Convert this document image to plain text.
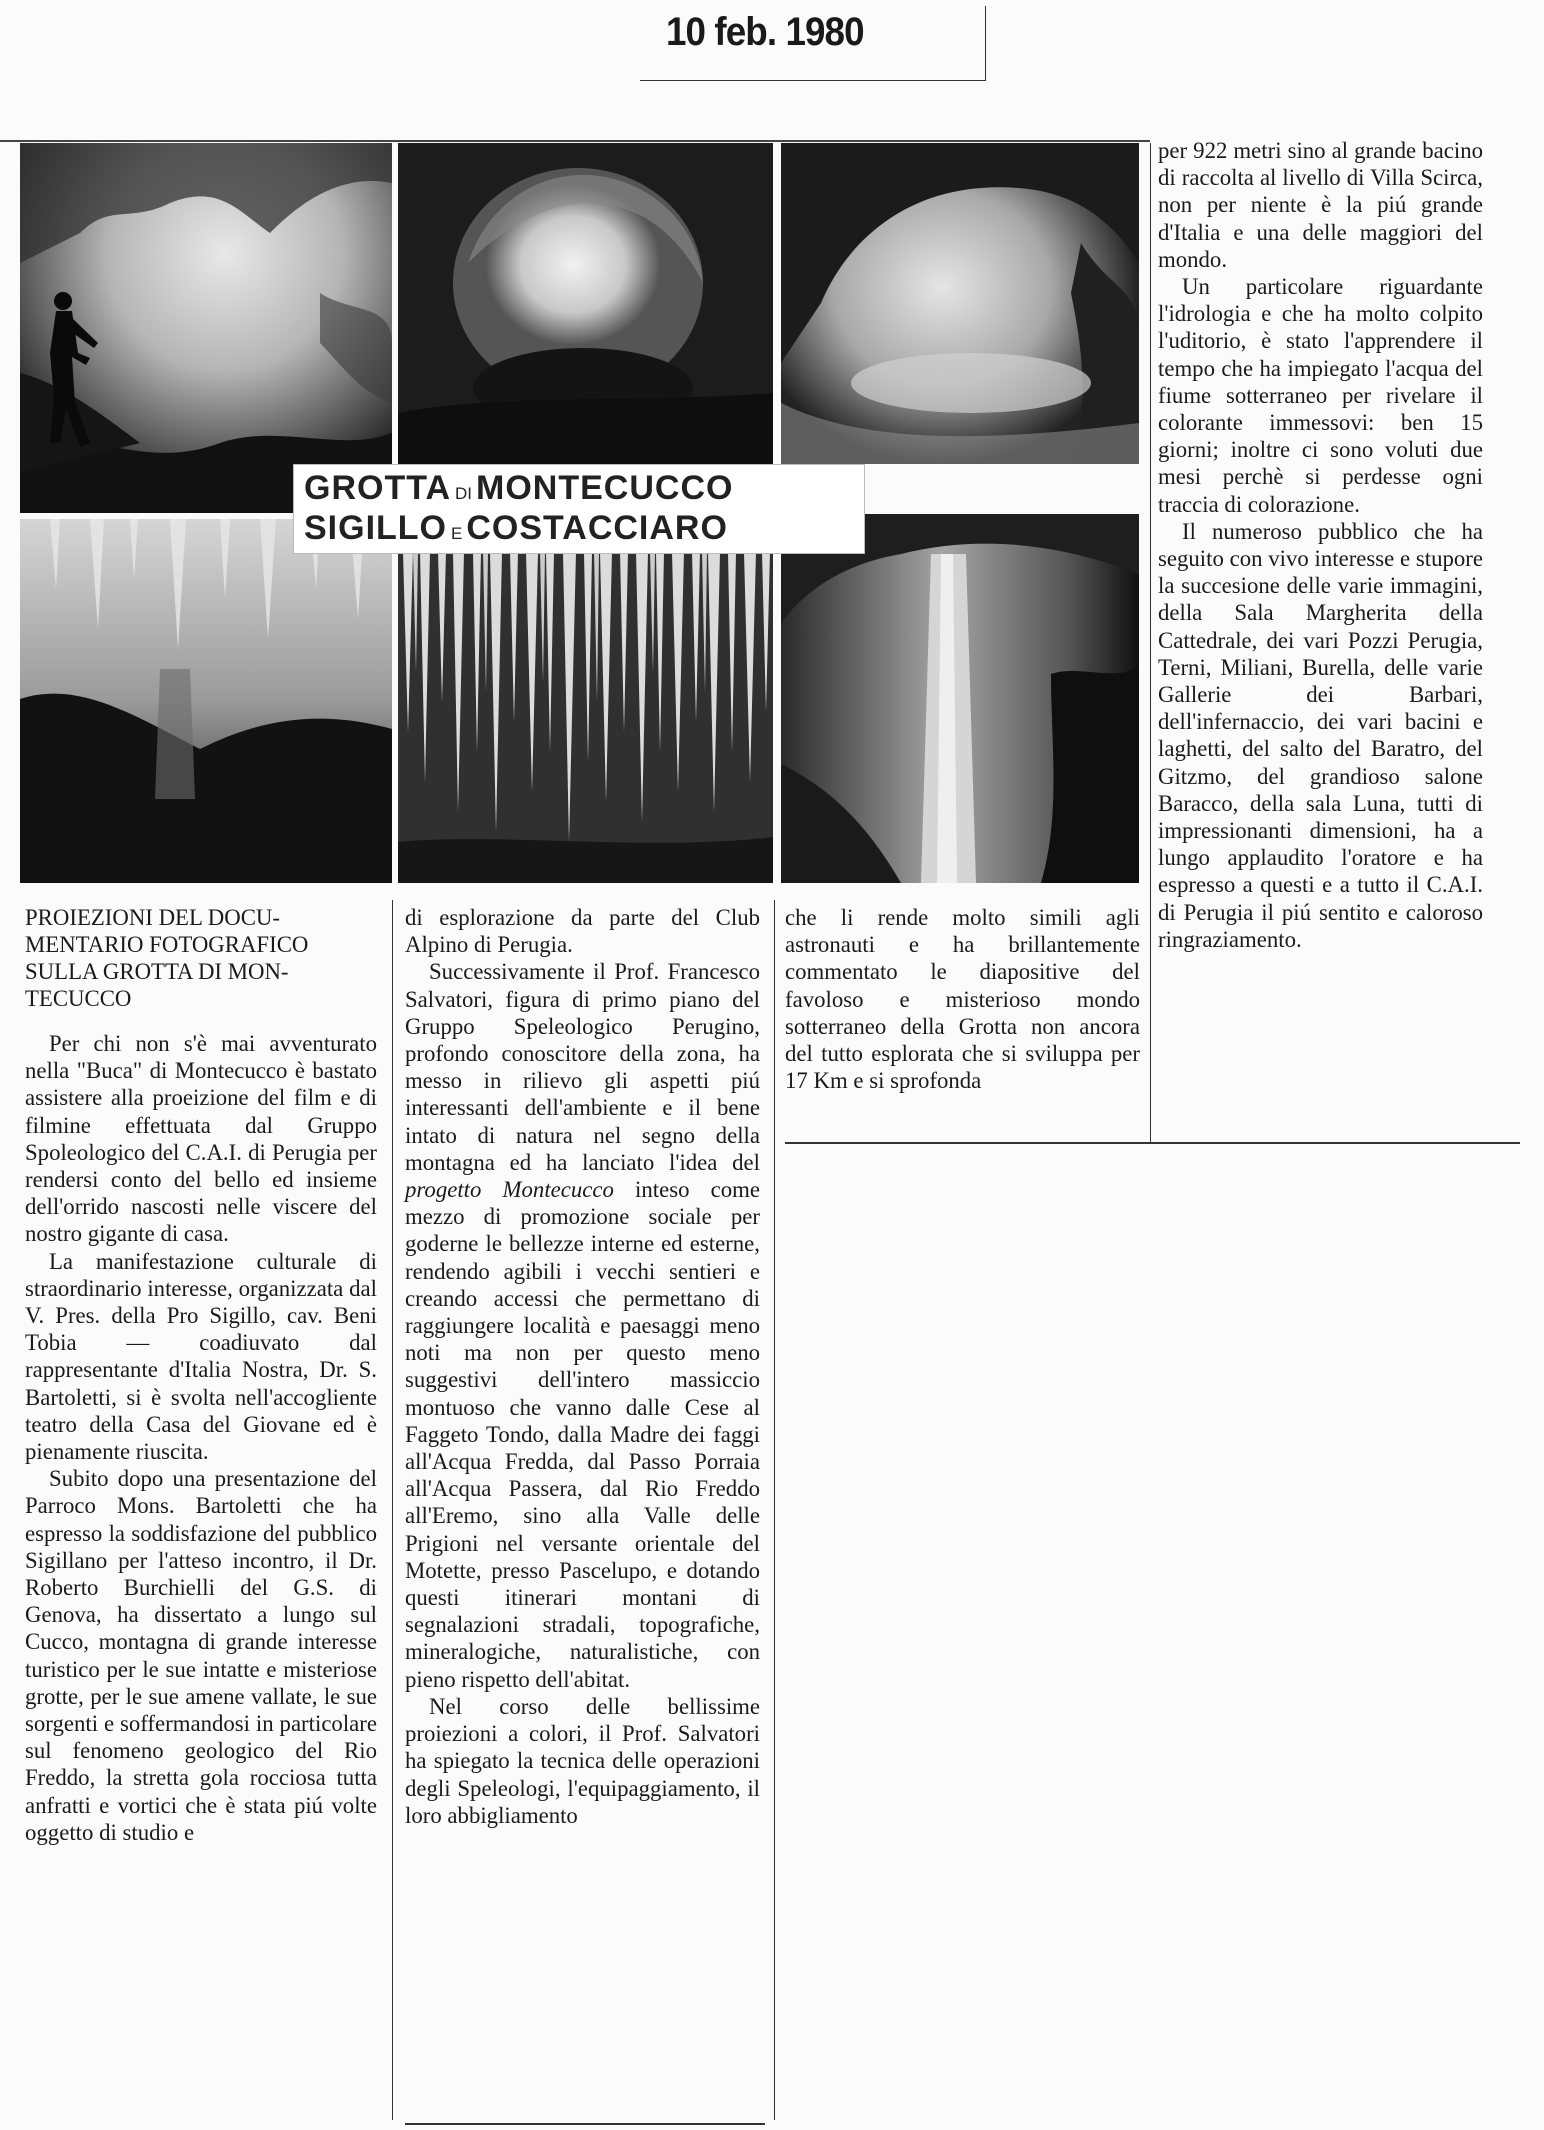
10 feb. 1980
GROTTA DI MONTECUCCO
SIGILLO E COSTACCIARO

per 922 metri sino al grande bacino di raccolta al livello di Villa Scirca, non per niente è la piú grande d'Italia e una delle maggiori del mondo.

Un particolare riguardante l'idrologia e che ha molto colpito l'uditorio, è stato l'apprendere il tempo che ha impiegato l'acqua del fiume sotterraneo per rivelare il colorante immessovi: ben 15 giorni; inoltre ci sono voluti due mesi perchè si perdesse ogni traccia di colorazione.

Il numeroso pubblico che ha seguito con vivo interesse e stupore la succesione delle varie immagini, della Sala Margherita della Cattedrale, dei vari Pozzi Perugia, Terni, Miliani, Burella, delle varie Gallerie dei Barbari, dell'infernaccio, dei vari bacini e laghetti, del salto del Baratro, del Gitzmo, del grandioso salone Baracco, della sala Luna, tutti di impressionanti dimensioni, ha a lungo applaudito l'oratore e ha espresso a questi e a tutto il C.A.I. di Perugia il piú sentito e caloroso ringraziamento.

PROIEZIONI DEL DOCU-

MENTARIO FOTOGRAFICO

SULLA GROTTA DI MON-

TECUCCO

Per chi non s'è mai avventurato nella "Buca" di Montecucco è bastato assistere alla proeizione del film e di filmine effettuata dal Gruppo Spoleologico del C.A.I. di Perugia per rendersi conto del bello ed insieme dell'orrido nascosti nelle viscere del nostro gigante di casa.

La manifestazione culturale di straordinario interesse, organizzata dal V. Pres. della Pro Sigillo, cav. Beni Tobia — coadiuvato dal rappresentante d'Italia Nostra, Dr. S. Bartoletti, si è svolta nell'accogliente teatro della Casa del Giovane ed è pienamente riuscita.

Subito dopo una presentazione del Parroco Mons. Bartoletti che ha espresso la soddisfazione del pubblico Sigillano per l'atteso incontro, il Dr. Roberto Burchielli del G.S. di Genova, ha dissertato a lungo sul Cucco, montagna di grande interesse turistico per le sue intatte e misteriose grotte, per le sue amene vallate, le sue sorgenti e soffermandosi in particolare sul fenomeno geologico del Rio Freddo, la stretta gola rocciosa tutta anfratti e vortici che è stata piú volte oggetto di studio e

di esplorazione da parte del Club Alpino di Perugia.

Successivamente il Prof. Francesco Salvatori, figura di primo piano del Gruppo Speleologico Perugino, profondo conoscitore della zona, ha messo in rilievo gli aspetti piú interessanti dell'ambiente e il bene intato di natura nel segno della montagna ed ha lanciato l'idea del progetto Montecucco inteso come mezzo di promozione sociale per goderne le bellezze interne ed esterne, rendendo agibili i vecchi sentieri e creando accessi che permettano di raggiungere località e paesaggi meno noti ma non per questo meno suggestivi dell'intero massiccio montuoso che vanno dalle Cese al Faggeto Tondo, dalla Madre dei faggi all'Acqua Fredda, dal Passo Porraia all'Acqua Passera, dal Rio Freddo all'Eremo, sino alla Valle delle Prigioni nel versante orientale del Motette, presso Pascelupo, e dotando questi itinerari montani di segnalazioni stradali, topografiche, mineralogiche, naturalistiche, con pieno rispetto dell'abitat.

Nel corso delle bellissime proiezioni a colori, il Prof. Salvatori ha spiegato la tecnica delle operazioni degli Speleologi, l'equipaggiamento, il loro abbigliamento

che li rende molto simili agli astronauti e ha brillantemente commentato le diapositive del favoloso e misterioso mondo sotterraneo della Grotta non ancora del tutto esplorata che si sviluppa per 17 Km e si sprofonda
